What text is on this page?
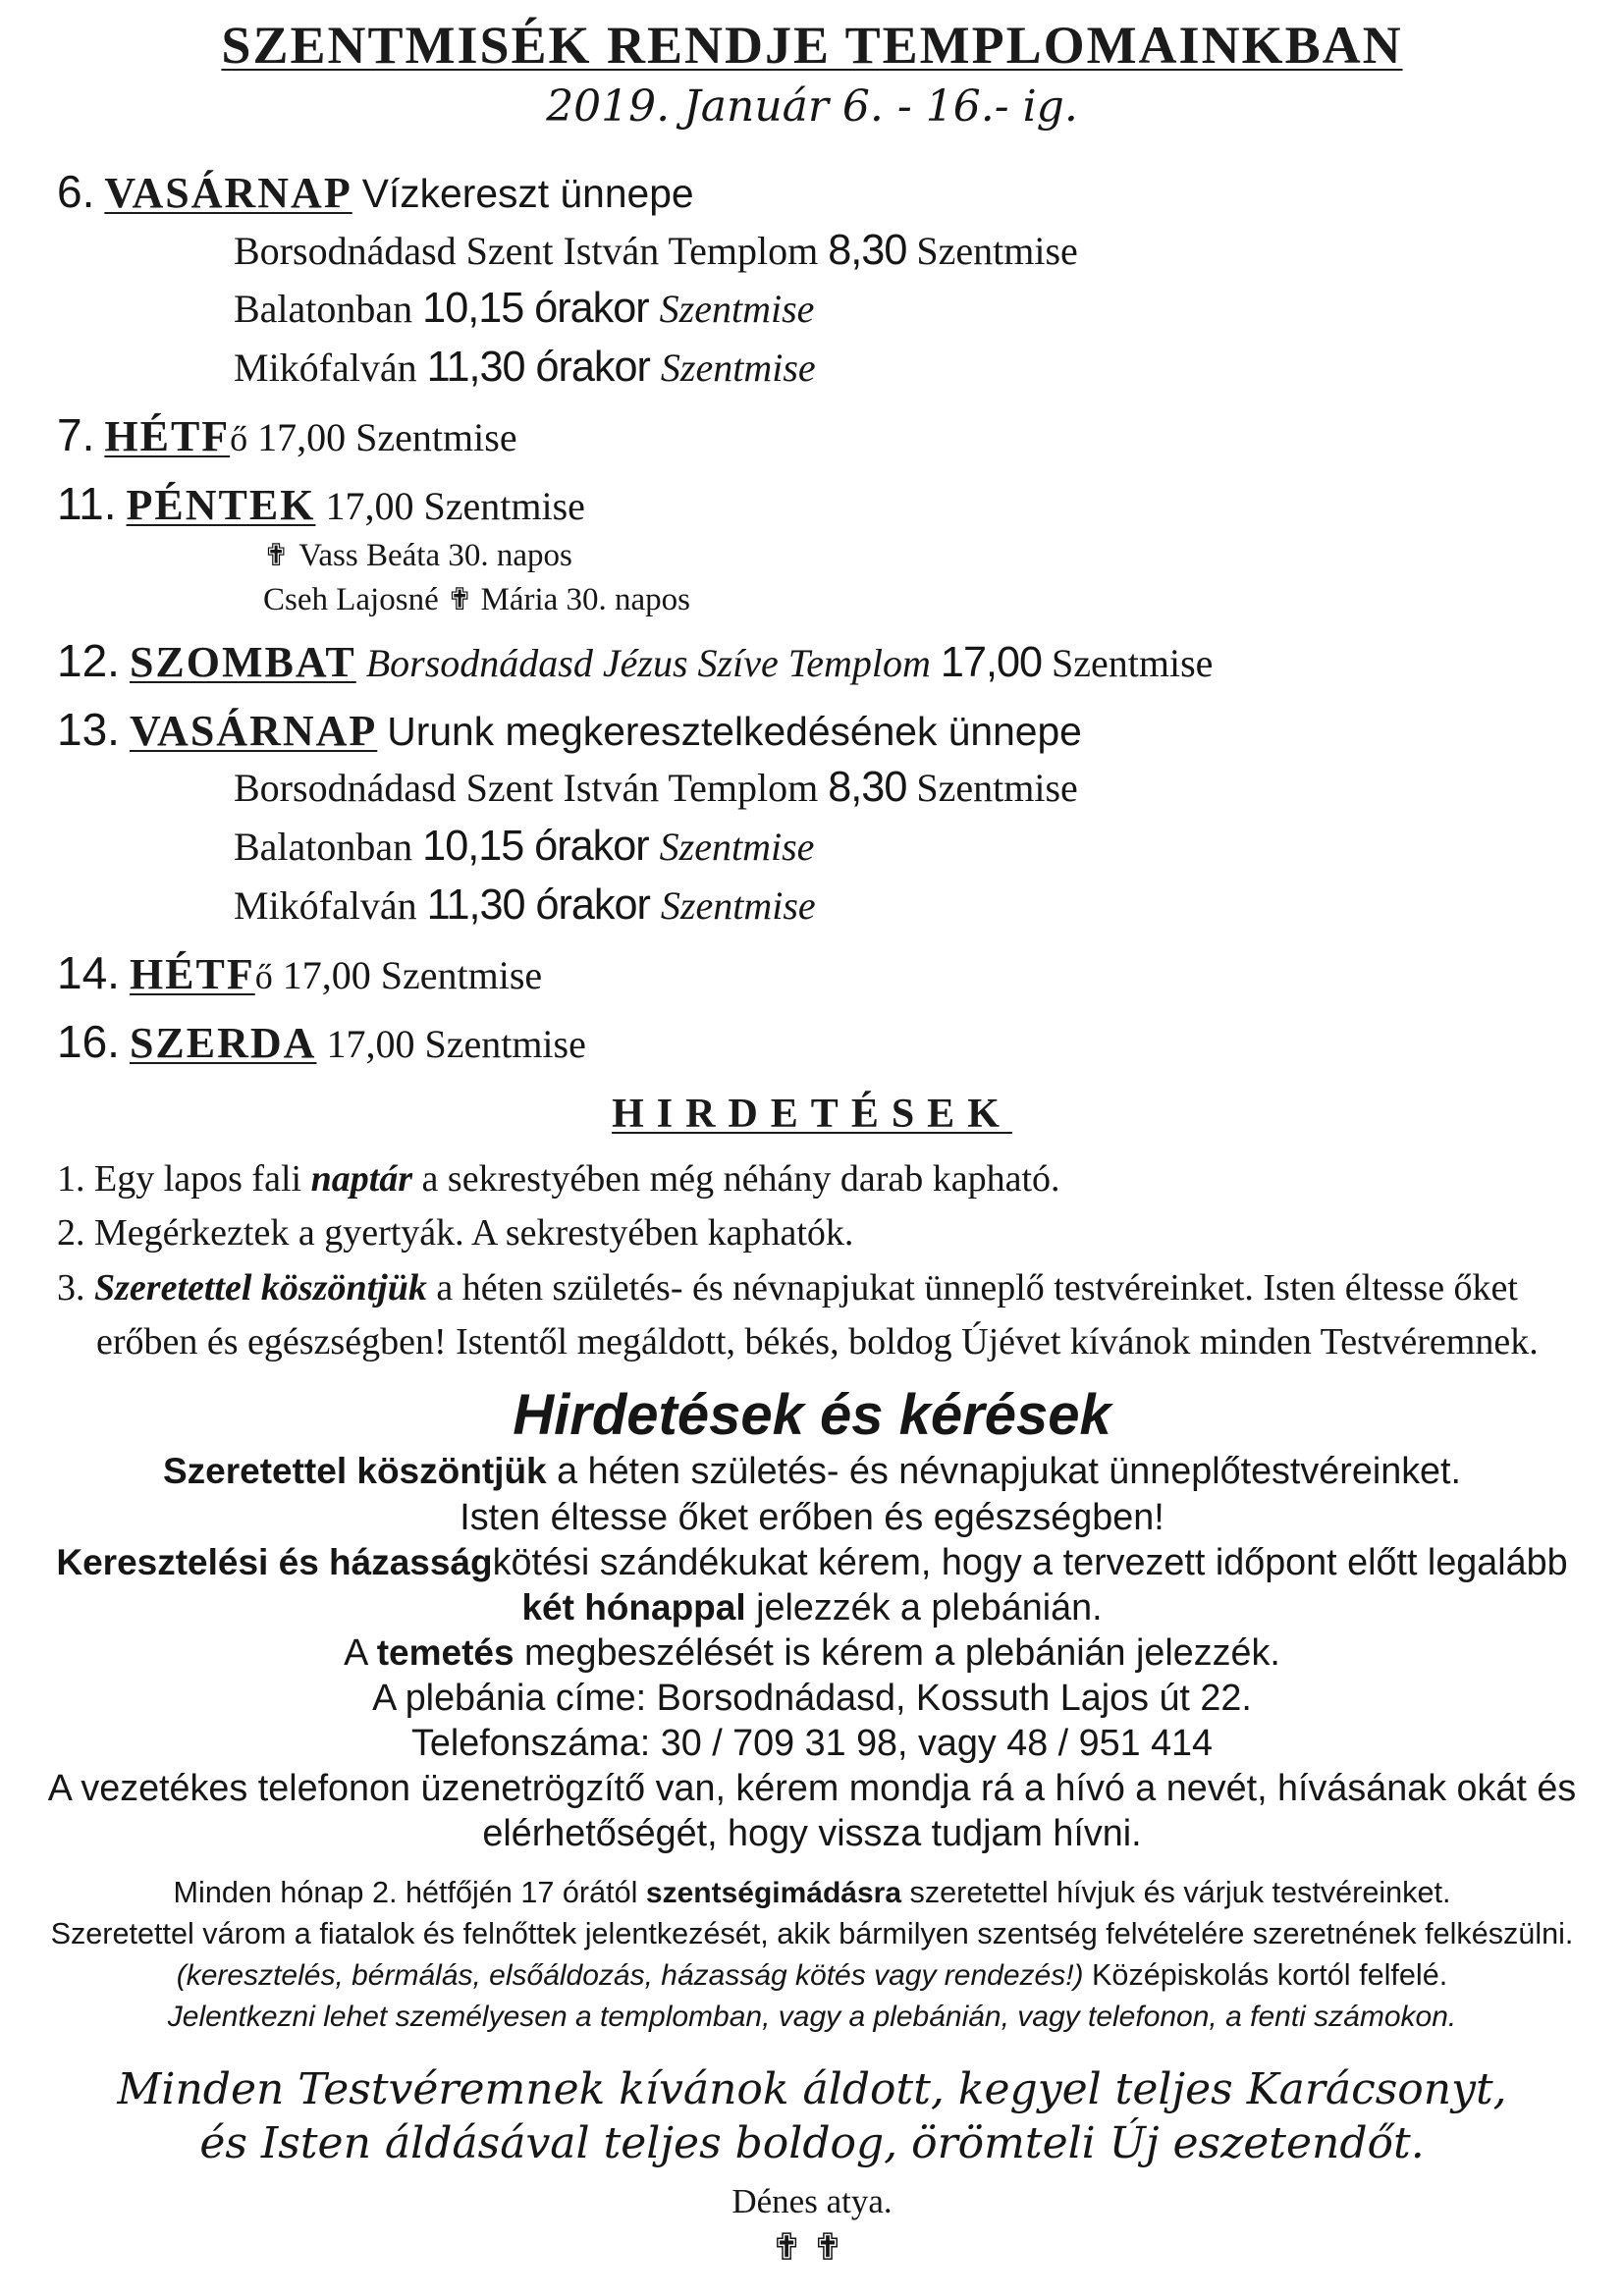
SZENTMISÉK RENDJE TEMPLOMAINKBAN
2019. Január 6. - 16.- ig.
6. VASÁRNAP Vízkereszt ünnepe
Borsodnádasd Szent István Templom 8,30 Szentmise
Balatonban 10,15 órakor Szentmise
Mikófalván 11,30 órakor Szentmise
7. HÉTFő 17,00 Szentmise
11. PÉNTEK 17,00 Szentmise
✟ Vass Beáta 30. napos
Cseh Lajosné ✟ Mária 30. napos
12. SZOMBAT Borsodnádasd Jézus Szíve Templom 17,00 Szentmise
13. VASÁRNAP Urunk megkeresztelkedésének ünnepe
Borsodnádasd Szent István Templom 8,30 Szentmise
Balatonban 10,15 órakor Szentmise
Mikófalván 11,30 órakor Szentmise
14. HÉTFő 17,00 Szentmise
16. SZERDA 17,00 Szentmise
HIRDETÉSEK
1. Egy lapos fali naptár a sekrestyében még néhány darab kapható.
2. Megérkeztek a gyertyák. A sekrestyében kaphatók.
3. Szeretettel köszöntjük a héten születés- és névnapjukat ünneplő testvéreinket. Isten éltesse őket erőben és egészségben! Istentől megáldott, békés, boldog Újévet kívánok minden Testvéremnek.
Hirdetések és kérések
Szeretettel köszöntjük a héten születés- és névnapjukat ünneplőtestvéreinket.
Isten éltesse őket erőben és egészségben!
Keresztelési és házasságkötési szándékukat kérem, hogy a tervezett időpont előtt legalább két hónappal jelezzék a plebánián.
A temetés megbeszélését is kérem a plebánián jelezzék.
A plebánia címe: Borsodnádasd, Kossuth Lajos út 22.
Telefonszáma: 30 / 709 31 98, vagy 48 / 951 414
A vezetékes telefonon üzenetrögzítő van, kérem mondja rá a hívó a nevét, hívásának okát és elérhetőségét, hogy vissza tudjam hívni.
Minden hónap 2. hétfőjén 17 órától szentségimádásra szeretettel hívjuk és várjuk testvéreinket.
Szeretettel várom a fiatalok és felnőttek jelentkezését, akik bármilyen szentség felvételére szeretnének felkészülni.
(keresztelés, bérmálás, elsőáldozás, házasság kötés vagy rendezés!) Középiskolás kortól felfelé.
Jelentkezni lehet személyesen a templomban, vagy a plebánián, vagy telefonon, a fenti számokon.
Minden Testvéremnek kívánok áldott, kegyel teljes Karácsonyt,
és Isten áldásával teljes boldog, örömteli Új eszetendőt.
Dénes atya.
✟✟
